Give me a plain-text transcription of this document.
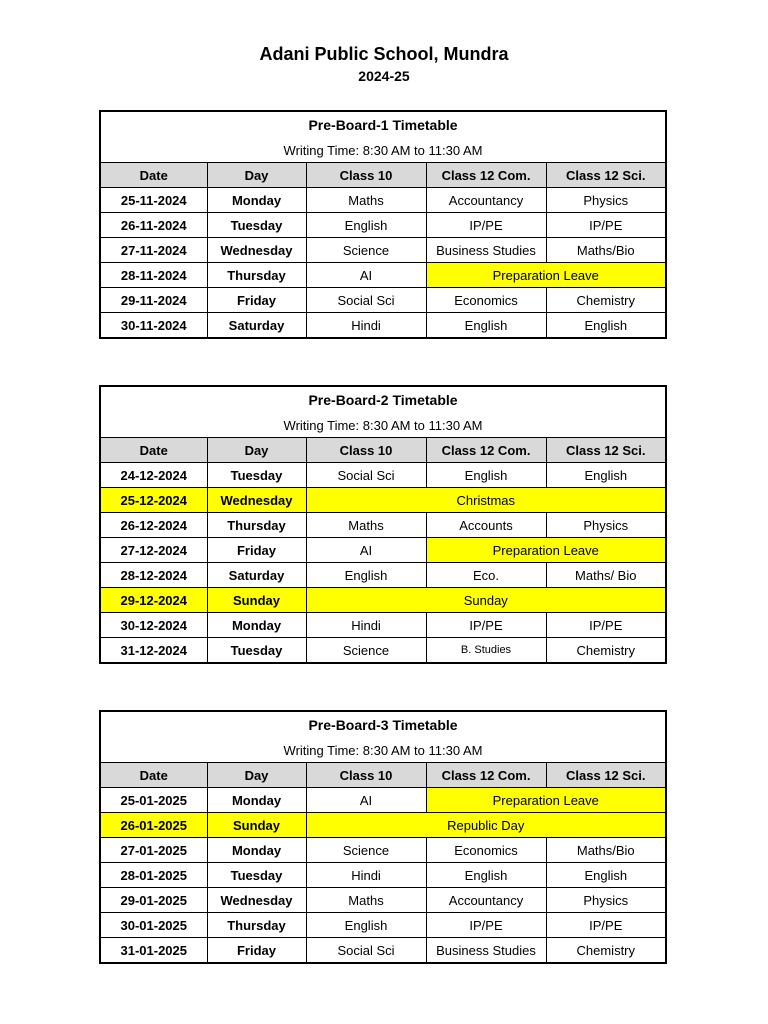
Adani Public School, Mundra
2024-25
Pre-Board-1 Timetable				
Writing Time: 8:30 AM to 11:30 AM				
Date	Day	Class 10	Class 12 Com.	Class 12 Sci.
25-11-2024	Monday	Maths	Accountancy	Physics
26-11-2024	Tuesday	English	IP/PE	IP/PE
27-11-2024	Wednesday	Science	Business Studies	Maths/Bio
28-11-2024	Thursday	AI	Preparation Leave	
29-11-2024	Friday	Social Sci	Economics	Chemistry
30-11-2024	Saturday	Hindi	English	English
Pre-Board-2 Timetable				
Writing Time: 8:30 AM to 11:30 AM				
Date	Day	Class 10	Class 12 Com.	Class 12 Sci.
24-12-2024	Tuesday	Social Sci	English	English
25-12-2024	Wednesday	Christmas		
26-12-2024	Thursday	Maths	Accounts	Physics
27-12-2024	Friday	AI	Preparation Leave	
28-12-2024	Saturday	English	Eco.	Maths/ Bio
29-12-2024	Sunday	Sunday		
30-12-2024	Monday	Hindi	IP/PE	IP/PE
31-12-2024	Tuesday	Science	B. Studies	Chemistry
Pre-Board-3 Timetable				
Writing Time: 8:30 AM to 11:30 AM				
Date	Day	Class 10	Class 12 Com.	Class 12 Sci.
25-01-2025	Monday	AI	Preparation Leave	
26-01-2025	Sunday	Republic Day		
27-01-2025	Monday	Science	Economics	Maths/Bio
28-01-2025	Tuesday	Hindi	English	English
29-01-2025	Wednesday	Maths	Accountancy	Physics
30-01-2025	Thursday	English	IP/PE	IP/PE
31-01-2025	Friday	Social Sci	Business Studies	Chemistry
